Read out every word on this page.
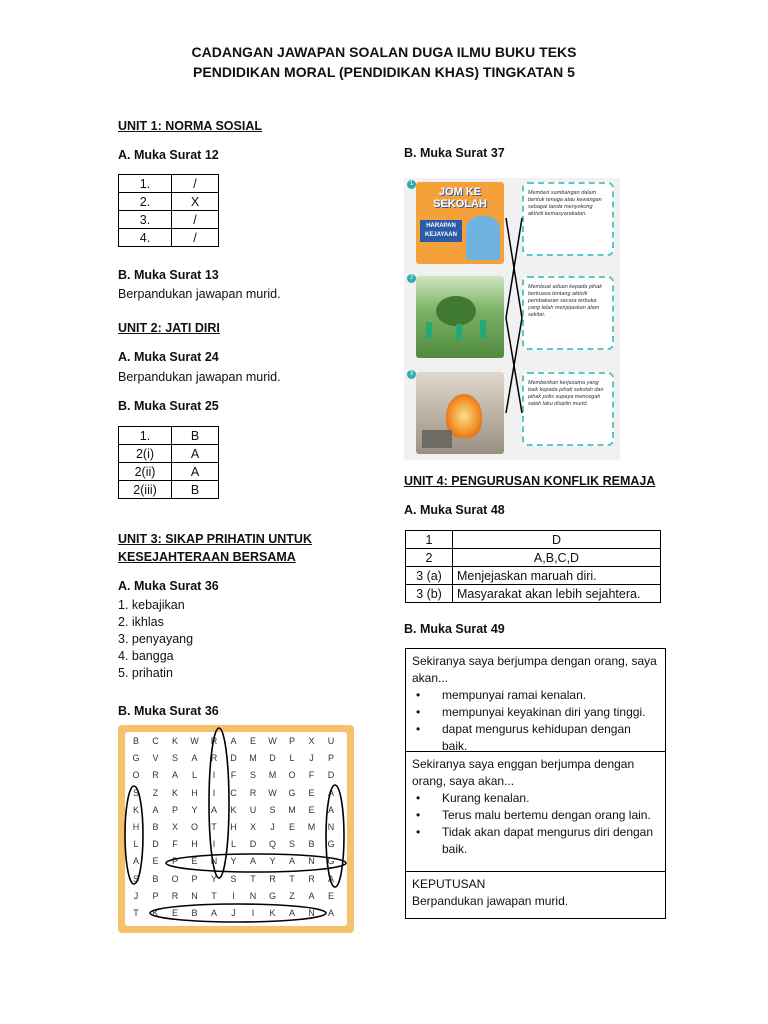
CADANGAN JAWAPAN SOALAN DUGA ILMU BUKU TEKS
PENDIDIKAN MORAL (PENDIDIKAN KHAS) TINGKATAN 5
UNIT 1: NORMA SOSIAL
A. Muka Surat 12
1.	/
2.	X
3.	/
4.	/
B. Muka Surat 13
Berpandukan jawapan murid.
UNIT 2: JATI DIRI
A. Muka Surat 24
Berpandukan jawapan murid.
B. Muka Surat 25
1.	B
2(i)	A
2(ii)	A
2(iii)	B
UNIT 3: SIKAP PRIHATIN UNTUK
KESEJAHTERAAN BERSAMA
A. Muka Surat 36
1. kebajikan
2. ikhlas
3. penyayang
4. bangga
5. prihatin
B. Muka Surat 36
B	C	K	W	R	A	E	W	P	X	U
G	V	S	A	R	D	M	D	L	J	P
O	R	A	L	I	F	S	M	O	F	D
S	Z	K	H	I	C	R	W	G	E	A
K	A	P	Y	A	K	U	S	M	E	A
H	B	X	O	T	H	X	J	E	M	N
L	D	F	H	I	L	D	Q	S	B	G
A	E	P	E	N	Y	A	Y	A	N	G
S	B	O	P	Y	S	T	R	T	R	A
J	P	R	N	T	I	N	G	Z	A	E
T	K	E	B	A	J	I	K	A	N	A
B. Muka Surat 37
JOM KE
SEKOLAH
HARAPAN
KEJAYAAN
1
2
3
Memberi sumbangan dalam bentuk tenaga atau kewangan sebagai tanda menyokong aktiviti kemasyarakatan.
Membuat aduan kepada pihak berkuasa tentang aktiviti pembakaran secara terbuka yang telah menjejaskan alam sekitar.
Memberikan kerjasama yang baik kepada pihak sekolah dan pihak polis supaya mencegah salah laku disiplin murid.
UNIT 4: PENGURUSAN KONFLIK REMAJA
A. Muka Surat 48
1	D
2	A,B,C,D
3 (a)	Menjejaskan maruah diri.
3 (b)	Masyarakat akan lebih sejahtera.
B. Muka Surat 49
Sekiranya saya berjumpa dengan orang, saya akan...
•	mempunyai ramai kenalan.
•	mempunyai keyakinan diri yang tinggi.
•	dapat mengurus kehidupan dengan baik.
Sekiranya saya enggan berjumpa dengan orang, saya akan...
•	Kurang kenalan.
•	Terus malu bertemu dengan orang lain.
•	Tidak akan dapat mengurus diri dengan baik.
KEPUTUSAN
Berpandukan jawapan murid.
